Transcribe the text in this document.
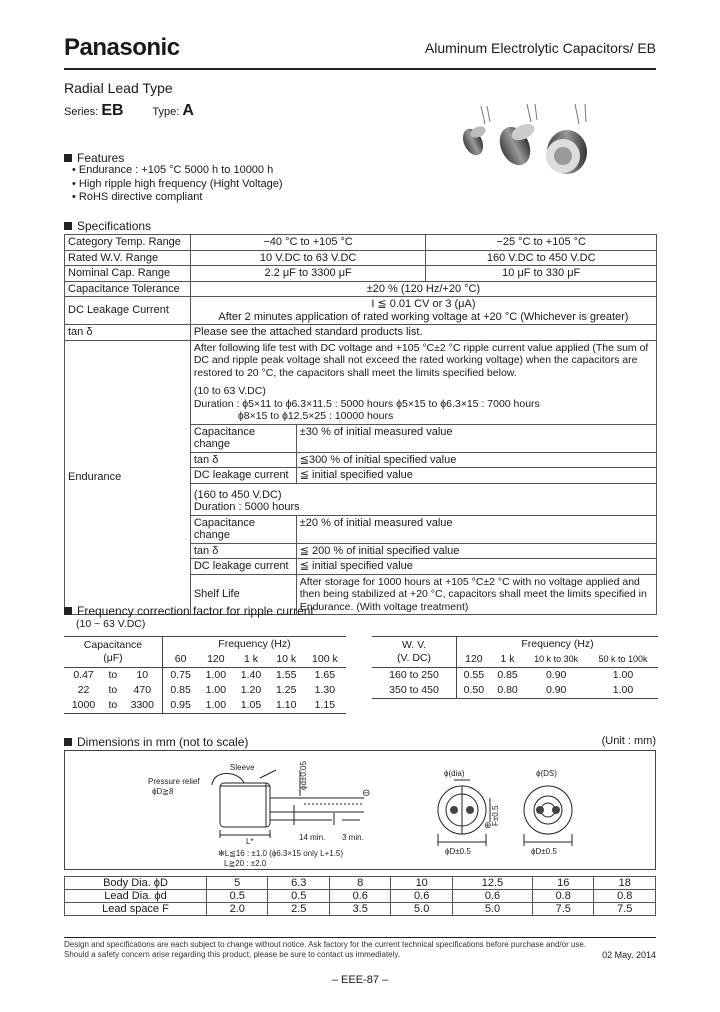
Panasonic	Aluminum Electrolytic Capacitors/ EB
Radial Lead Type
Series: EB	Type: A
Features
• Endurance : +105 °C 5000 h to 10000 h
• High ripple high frequency (Hight Voltage)
• RoHS directive compliant
Specifications
Category Temp. Range	−40 °C to +105 °C		−25 °C to +105 °C
Rated W.V. Range	10 V.DC to 63 V.DC		160 V.DC to 450 V.DC
Nominal Cap. Range	2.2 μF to 3300 μF		10 μF to 330 μF
Capacitance Tolerance	±20 % (120 Hz/+20 °C)		
DC Leakage Current	I ≦ 0.01 CV or 3 (μA)
After 2 minutes application of rated working voltage at +20 °C (Whichever is greater)		

tan δ	Please see the attached standard products list.		
Endurance	After following life test with DC voltage and +105 °C±2 °C ripple current value applied (The sum of DC and ripple peak voltage shall not exceed the rated working voltage) when the capacitors are restored to 20 °C, the capacitors shall meet the limits specified below.
(10 to 63 V.DC)
Duration : ϕ5×11 to ϕ6.3×11.5 : 5000 hours ϕ5×15 to ϕ6.3×15 : 7000 hours
ϕ8×15 to ϕ12.5×25 : 10000 hours		

	Capacitance change	±30 % of initial measured value	
	tan δ	≦300 % of initial specified value	
	DC leakage current	≦ initial specified value	

	(160 to 450 V.DC)
Duration : 5000 hours		

	Capacitance change	±20 % of initial measured value	
	tan δ	≦ 200 % of initial specified value	
	DC leakage current	≦ initial specified value	
	Shelf Life	After storage for 1000 hours at +105 °C±2 °C with no voltage applied and then being stabilized at +20 °C, capacitors shall meet the limits specified in Endurance. (With voltage treatment)	
Frequency correction factor for ripple current
(10 ~ 63 V.DC)
Capacitance
(μF)			Frequency (Hz)				
			60	120	1 k	10 k	100 k
0.47	to	10	0.75	1.00	1.40	1.55	1.65
22	to	470	0.85	1.00	1.20	1.25	1.30
1000	to	3300	0.95	1.00	1.05	1.10	1.15
W. V.
(V. DC)	Frequency (Hz)			
	120	1 k	10 k to 30k	50 k to 100k
160 to 250	0.55	0.85	0.90	1.00
350 to 450	0.50	0.80	0.90	1.00
Dimensions in mm (not to scale)	(Unit : mm)
Pressure relief
ϕD≧8
Sleeve	ϕd±0.05
L*	14 min. 3 min.
⊖
⊕ F±0.5
ϕD±0.5	ϕD±0.5
ϕ(dia)	ϕ(DS)
✻L≦16 : ±1.0 (ϕ6.3×15 only L+1.5)
L≧20 : ±2.0
Body Dia. ϕD	5	6.3	8	10	12.5	16	18
Lead Dia. ϕd	0.5	0.5	0.6	0.6	0.6	0.8	0.8
Lead space F	2.0	2.5	3.5	5.0	5.0	7.5	7.5
Design and specifications are each subject to change without notice. Ask factory for the current technical specifications before purchase and/or use.
Should a safety concern arise regarding this product, please be sure to contact us immediately.	02 May. 2014
– EEE-87 –
